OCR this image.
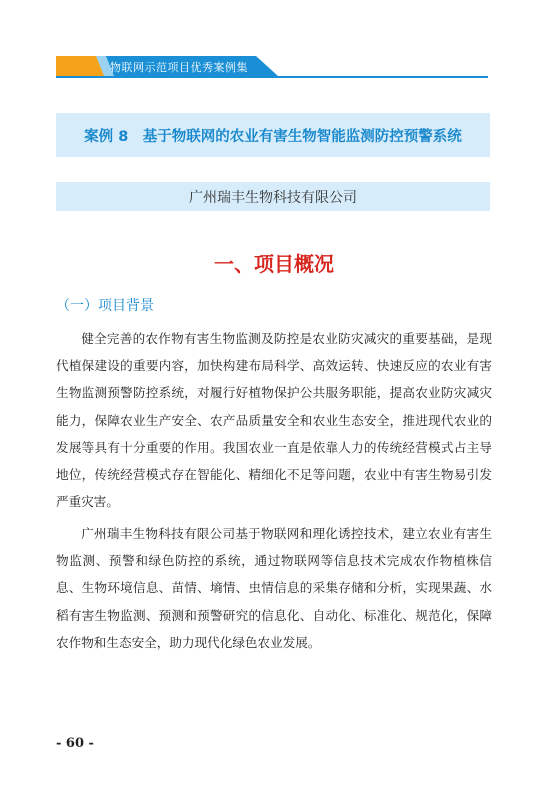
物联网示范项目优秀案例集
案例 8　基于物联网的农业有害生物智能监测防控预警系统
广州瑞丰生物科技有限公司
一、项目概况
（一）项目背景

健全完善的农作物有害生物监测及防控是农业防灾减灾的重要基础，是现代植保建设的重要内容，加快构建布局科学、高效运转、快速反应的农业有害生物监测预警防控系统，对履行好植物保护公共服务职能，提高农业防灾减灾能力，保障农业生产安全、农产品质量安全和农业生态安全，推进现代农业的发展等具有十分重要的作用。我国农业一直是依靠人力的传统经营模式占主导地位，传统经营模式存在智能化、精细化不足等问题，农业中有害生物易引发严重灾害。

广州瑞丰生物科技有限公司基于物联网和理化诱控技术，建立农业有害生物监测、预警和绿色防控的系统，通过物联网等信息技术完成农作物植株信息、生物环境信息、苗情、墒情、虫情信息的采集存储和分析，实现果蔬、水稻有害生物监测、预测和预警研究的信息化、自动化、标准化、规范化，保障农作物和生态安全，助力现代化绿色农业发展。

- 60 -
